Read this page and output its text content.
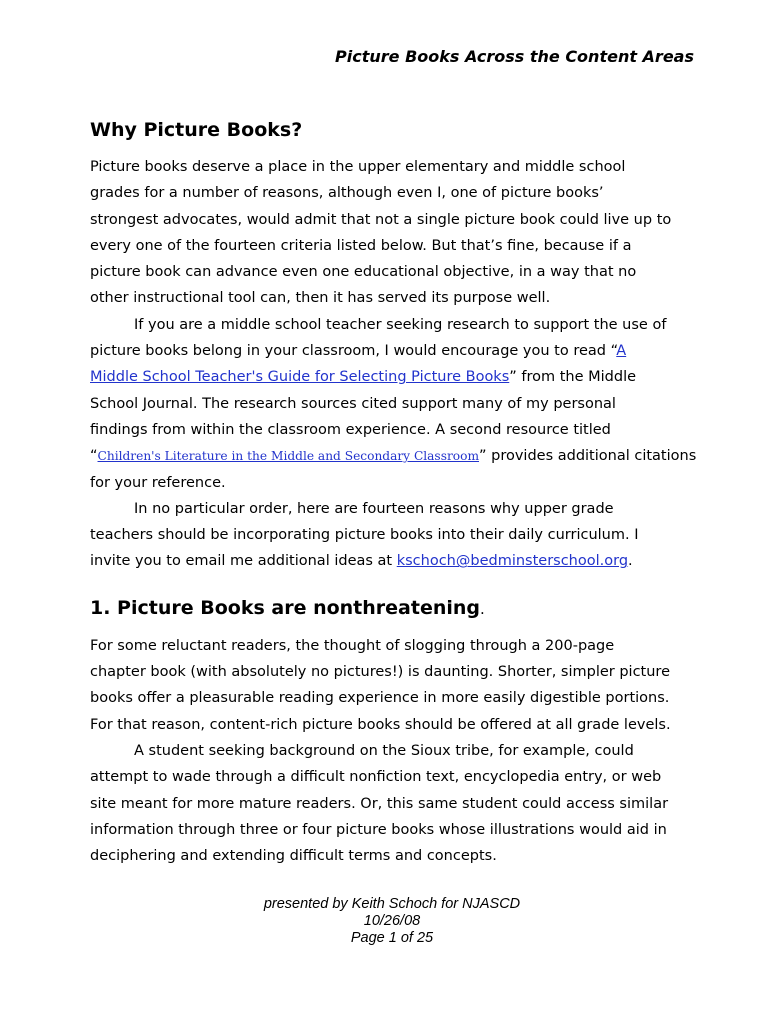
Picture Books Across the Content Areas
Why Picture Books?

Picture books deserve a place in the upper elementary and middle school
grades for a number of reasons, although even I, one of picture books’
strongest advocates, would admit that not a single picture book could live up to
every one of the fourteen criteria listed below. But that’s fine, because if a
picture book can advance even one educational objective, in a way that no
other instructional tool can, then it has served its purpose well.

If you are a middle school teacher seeking research to support the use of
picture books belong in your classroom, I would encourage you to read “A
Middle School Teacher's Guide for Selecting Picture Books” from the Middle
School Journal. The research sources cited support many of my personal
findings from within the classroom experience. A second resource titled
“Children's Literature in the Middle and Secondary Classroom” provides additional citations
for your reference.

In no particular order, here are fourteen reasons why upper grade
teachers should be incorporating picture books into their daily curriculum. I
invite you to email me additional ideas at kschoch@bedminsterschool.org.

1. Picture Books are nonthreatening.

For some reluctant readers, the thought of slogging through a 200-page
chapter book (with absolutely no pictures!) is daunting. Shorter, simpler picture
books offer a pleasurable reading experience in more easily digestible portions.
For that reason, content-rich picture books should be offered at all grade levels.

A student seeking background on the Sioux tribe, for example, could
attempt to wade through a difficult nonfiction text, encyclopedia entry, or web
site meant for more mature readers. Or, this same student could access similar
information through three or four picture books whose illustrations would aid in
deciphering and extending difficult terms and concepts.

presented by Keith Schoch for NJASCD
10/26/08
Page 1 of 25
